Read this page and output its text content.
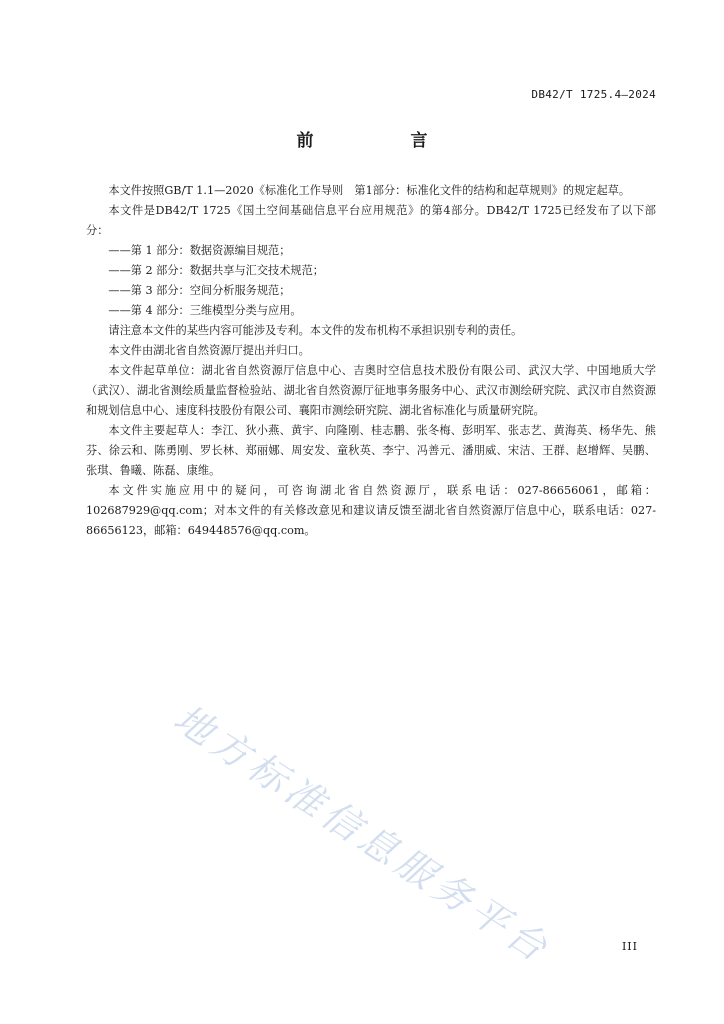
DB42/T 1725.4—2024
前　言

本文件按照GB/T 1.1—2020《标准化工作导则　第1部分：标准化文件的结构和起草规则》的规定起草。

本文件是DB42/T 1725《国土空间基础信息平台应用规范》的第4部分。DB42/T 1725已经发布了以下部分：

——第 1 部分：数据资源编目规范；

——第 2 部分：数据共享与汇交技术规范；

——第 3 部分：空间分析服务规范；

——第 4 部分：三维模型分类与应用。

请注意本文件的某些内容可能涉及专利。本文件的发布机构不承担识别专利的责任。

本文件由湖北省自然资源厅提出并归口。

本文件起草单位：湖北省自然资源厅信息中心、吉奥时空信息技术股份有限公司、武汉大学、中国地质大学（武汉）、湖北省测绘质量监督检验站、湖北省自然资源厅征地事务服务中心、武汉市测绘研究院、武汉市自然资源和规划信息中心、速度科技股份有限公司、襄阳市测绘研究院、湖北省标准化与质量研究院。

本文件主要起草人：李江、狄小燕、黄宇、向隆刚、桂志鹏、张冬梅、彭明军、张志艺、黄海英、杨华先、熊芬、徐云和、陈勇刚、罗长林、郑丽娜、周安发、童秋英、李宁、冯善元、潘朋威、宋洁、王群、赵增辉、吴鹏、张琪、鲁曦、陈磊、康维。

本文件实施应用中的疑问，可咨询湖北省自然资源厅，联系电话：027-86656061，邮箱：102687929@qq.com；对本文件的有关修改意见和建议请反馈至湖北省自然资源厅信息中心，联系电话：027-86656123，邮箱：649448576@qq.com。

地方标准信息服务平台	III
